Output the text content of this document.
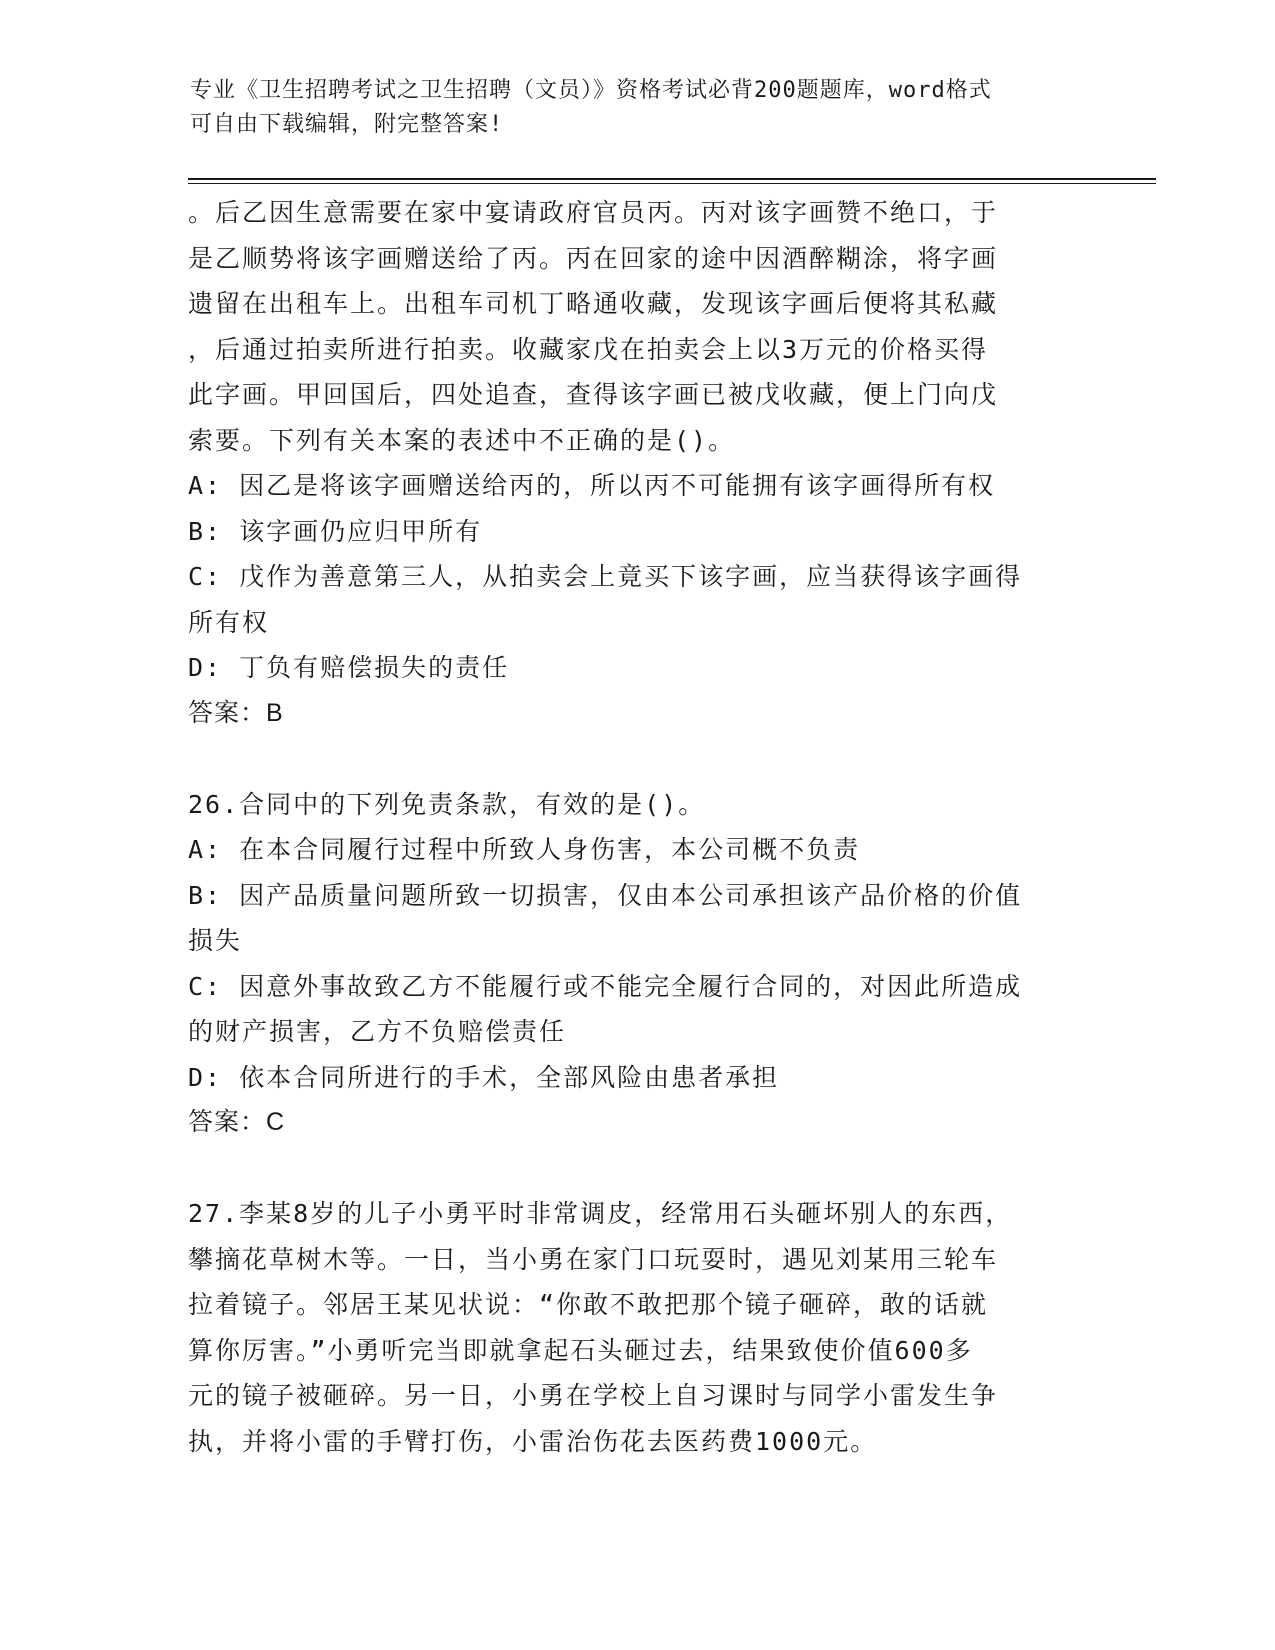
专业《卫生招聘考试之卫生招聘（文员）》资格考试必背200题题库，word格式
可自由下载编辑，附完整答案!

。后乙因生意需要在家中宴请政府官员丙。丙对该字画赞不绝口，于

是乙顺势将该字画赠送给了丙。丙在回家的途中因酒醉糊涂，将字画

遗留在出租车上。出租车司机丁略通收藏，发现该字画后便将其私藏

，后通过拍卖所进行拍卖。收藏家戊在拍卖会上以3万元的价格买得

此字画。甲回国后，四处追查，查得该字画已被戊收藏，便上门向戊

索要。下列有关本案的表述中不正确的是()。

A: 因乙是将该字画赠送给丙的，所以丙不可能拥有该字画得所有权

B: 该字画仍应归甲所有

C: 戊作为善意第三人，从拍卖会上竟买下该字画，应当获得该字画得

所有权

D: 丁负有赔偿损失的责任

答案：B

26.合同中的下列免责条款，有效的是()。

A: 在本合同履行过程中所致人身伤害，本公司概不负责

B: 因产品质量问题所致一切损害，仅由本公司承担该产品价格的价值

损失

C: 因意外事故致乙方不能履行或不能完全履行合同的，对因此所造成

的财产损害，乙方不负赔偿责任

D: 依本合同所进行的手术，全部风险由患者承担

答案：C

27.李某8岁的儿子小勇平时非常调皮，经常用石头砸坏别人的东西，

攀摘花草树木等。一日，当小勇在家门口玩耍时，遇见刘某用三轮车

拉着镜子。邻居王某见状说：“你敢不敢把那个镜子砸碎，敢的话就

算你厉害。”小勇听完当即就拿起石头砸过去，结果致使价值600多

元的镜子被砸碎。另一日，小勇在学校上自习课时与同学小雷发生争

执，并将小雷的手臂打伤，小雷治伤花去医药费1000元。
